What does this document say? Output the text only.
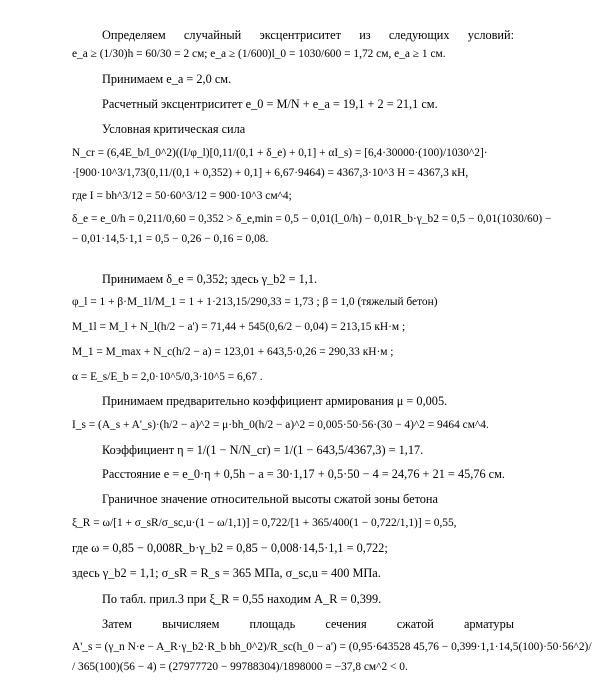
Определяем случайный эксцентриситет из следующих условий:
e_a ≥ (1/30)h = 60/30 = 2 см; e_a ≥ (1/600)l_0 = 1030/600 = 1,72 см, e_a ≥ 1 см.
Принимаем e_a = 2,0 см.
Расчетный эксцентриситет e_0 = M/N + e_a = 19,1 + 2 = 21,1 см.
Условная критическая сила
N_cr = (6,4E_b/l_0^2)((I/φ_l)[0,11/(0,1 + δ_e) + 0,1] + αI_s) = [6,4·30000·(100)/1030^2]·
·[900·10^3/1,73(0,11/(0,1 + 0,352) + 0,1] + 6,67·9464) = 4367,3·10^3 Н = 4367,3 кН,
где I = bh^3/12 = 50·60^3/12 = 900·10^3 см^4;
δ_e = e_0/h = 0,211/0,60 = 0,352 > δ_e,min = 0,5 − 0,01(l_0/h) − 0,01R_b·γ_b2 = 0,5 − 0,01(1030/60) −
− 0,01·14,5·1,1 = 0,5 − 0,26 − 0,16 = 0,08.
Принимаем δ_e = 0,352; здесь γ_b2 = 1,1.
φ_l = 1 + β·M_1l/M_1 = 1 + 1·213,15/290,33 = 1,73 ; β = 1,0 (тяжелый бетон)
M_1l = M_l + N_l(h/2 − a') = 71,44 + 545(0,6/2 − 0,04) = 213,15 кН·м ;
M_1 = M_max + N_c(h/2 − a) = 123,01 + 643,5·0,26 = 290,33 кН·м ;
α = E_s/E_b = 2,0·10^5/0,3·10^5 = 6,67 .
Принимаем предварительно коэффициент армирования μ = 0,005.
I_s = (A_s + A'_s)·(h/2 − a)^2 = μ·bh_0(h/2 − a)^2 = 0,005·50·56·(30 − 4)^2 = 9464 см^4.
Коэффициент η = 1/(1 − N/N_cr) = 1/(1 − 643,5/4367,3) = 1,17.
Расстояние e = e_0·η + 0,5h − a = 30·1,17 + 0,5·50 − 4 = 24,76 + 21 = 45,76 см.
Граничное значение относительной высоты сжатой зоны бетона
ξ_R = ω/[1 + σ_sR/σ_sc,u·(1 − ω/1,1)] = 0,722/[1 + 365/400(1 − 0,722/1,1)] = 0,55,
где ω = 0,85 − 0,008R_b·γ_b2 = 0,85 − 0,008·14,5·1,1 = 0,722;
здесь γ_b2 = 1,1; σ_sR = R_s = 365 МПа, σ_sc,u = 400 МПа.
По табл. прил.3 при ξ_R = 0,55 находим A_R = 0,399.
Затем вычисляем площадь сечения сжатой арматуры
A'_s = (γ_n N·e − A_R·γ_b2·R_b bh_0^2)/R_sc(h_0 − a') = (0,95·643528 45,76 − 0,399·1,1·14,5(100)·50·56^2)/
/ 365(100)(56 − 4) = (27977720 − 99788304)/1898000 = −37,8 см^2 < 0.
